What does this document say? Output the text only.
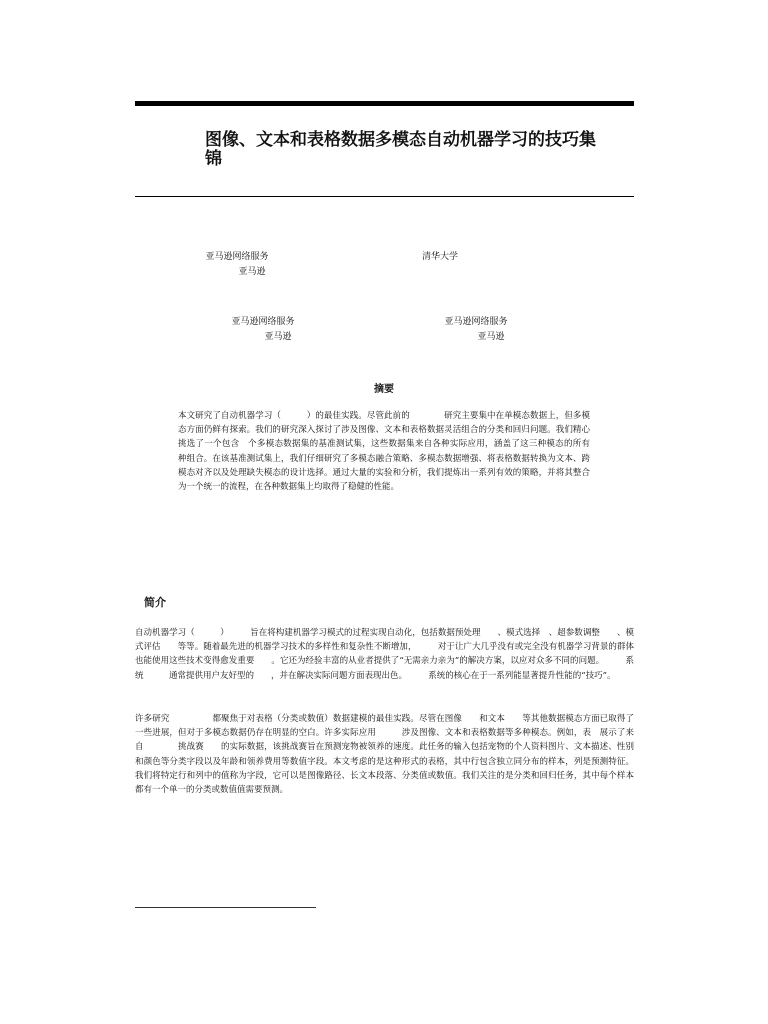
图像、文本和表格数据多模态自动机器学习的技巧集锦
亚马逊网络服务
亚马逊
清华大学
亚马逊网络服务
亚马逊
亚马逊网络服务
亚马逊
摘要

本文研究了自动机器学习（　　　）的最佳实践。尽管此前的　　　　研究主要集中在单模态数据上，但多模态方面仍鲜有探索。我们的研究深入探讨了涉及图像、文本和表格数据灵活组合的分类和回归问题。我们精心挑选了一个包含　个多模态数据集的基准测试集，这些数据集来自各种实际应用，涵盖了这三种模态的所有　种组合。在该基准测试集上，我们仔细研究了多模态融合策略、多模态数据增强、将表格数据转换为文本、跨模态对齐以及处理缺失模态的设计选择。通过大量的实验和分析，我们提炼出一系列有效的策略，并将其整合为一个统一的流程，在各种数据集上均取得了稳健的性能。

简介

自动机器学习（　　　）　　　旨在将构建机器学习模式的过程实现自动化，包括数据预处理　　、模式选择　、超参数调整　　、模式评估　　等等。随着最先进的机器学习技术的多样性和复杂性不断增加，　　　对于让广大几乎没有或完全没有机器学习背景的群体也能使用这些技术变得愈发重要　　。它还为经验丰富的从业者提供了“无需亲力亲为”的解决方案，以应对众多不同的问题。　　　系统　　　通常提供用户友好型的　　，并在解决实际问题方面表现出色。　　　系统的核心在于一系列能显著提升性能的“技巧”。

许多研究　　　　　都聚焦于对表格（分类或数值）数据建模的最佳实践。尽管在图像　　和文本　　等其他数据模态方面已取得了一些进展，但对于多模态数据仍存在明显的空白。许多实际应用　　　涉及图像、文本和表格数据等多种模态。例如，表　展示了来自　　　　挑战赛　　的实际数据，该挑战赛旨在预测宠物被领养的速度。此任务的输入包括宠物的个人资料图片、文本描述、性别和颜色等分类字段以及年龄和领养费用等数值字段。本文考虑的是这种形式的表格，其中行包含独立同分布的样本，列是预测特征。我们将特定行和列中的值称为字段，它可以是图像路径、长文本段落、分类值或数值。我们关注的是分类和回归任务，其中每个样本都有一个单一的分类或数值值需要预测。
